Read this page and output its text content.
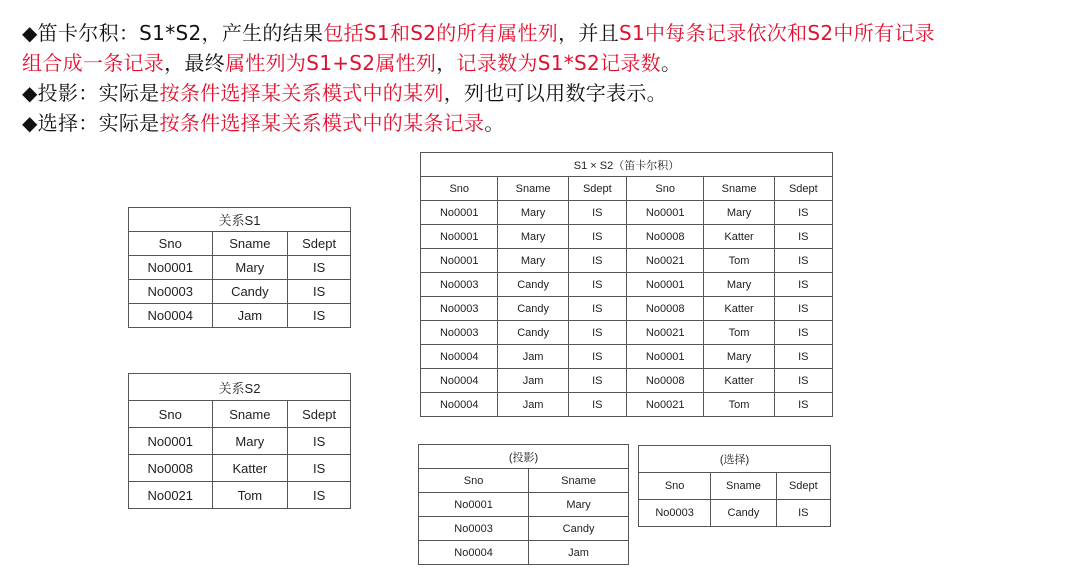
◆笛卡尔积：S1*S2，产生的结果包括S1和S2的所有属性列，并且S1中每条记录依次和S2中所有记录
组合成一条记录，最终属性列为S1+S2属性列，记录数为S1*S2记录数。
◆投影：实际是按条件选择某关系模式中的某列，列也可以用数字表示。
◆选择：实际是按条件选择某关系模式中的某条记录。
关系S1		
Sno	Sname	Sdept
No0001	Mary	IS
No0003	Candy	IS
No0004	Jam	IS
关系S2		
Sno	Sname	Sdept
No0001	Mary	IS
No0008	Katter	IS
No0021	Tom	IS
S1 × S2（笛卡尔积）					
Sno	Sname	Sdept	Sno	Sname	Sdept
No0001	Mary	IS	No0001	Mary	IS
No0001	Mary	IS	No0008	Katter	IS
No0001	Mary	IS	No0021	Tom	IS
No0003	Candy	IS	No0001	Mary	IS
No0003	Candy	IS	No0008	Katter	IS
No0003	Candy	IS	No0021	Tom	IS
No0004	Jam	IS	No0001	Mary	IS
No0004	Jam	IS	No0008	Katter	IS
No0004	Jam	IS	No0021	Tom	IS
(投影)	
Sno	Sname
No0001	Mary
No0003	Candy
No0004	Jam
(选择)		
Sno	Sname	Sdept
No0003	Candy	IS
